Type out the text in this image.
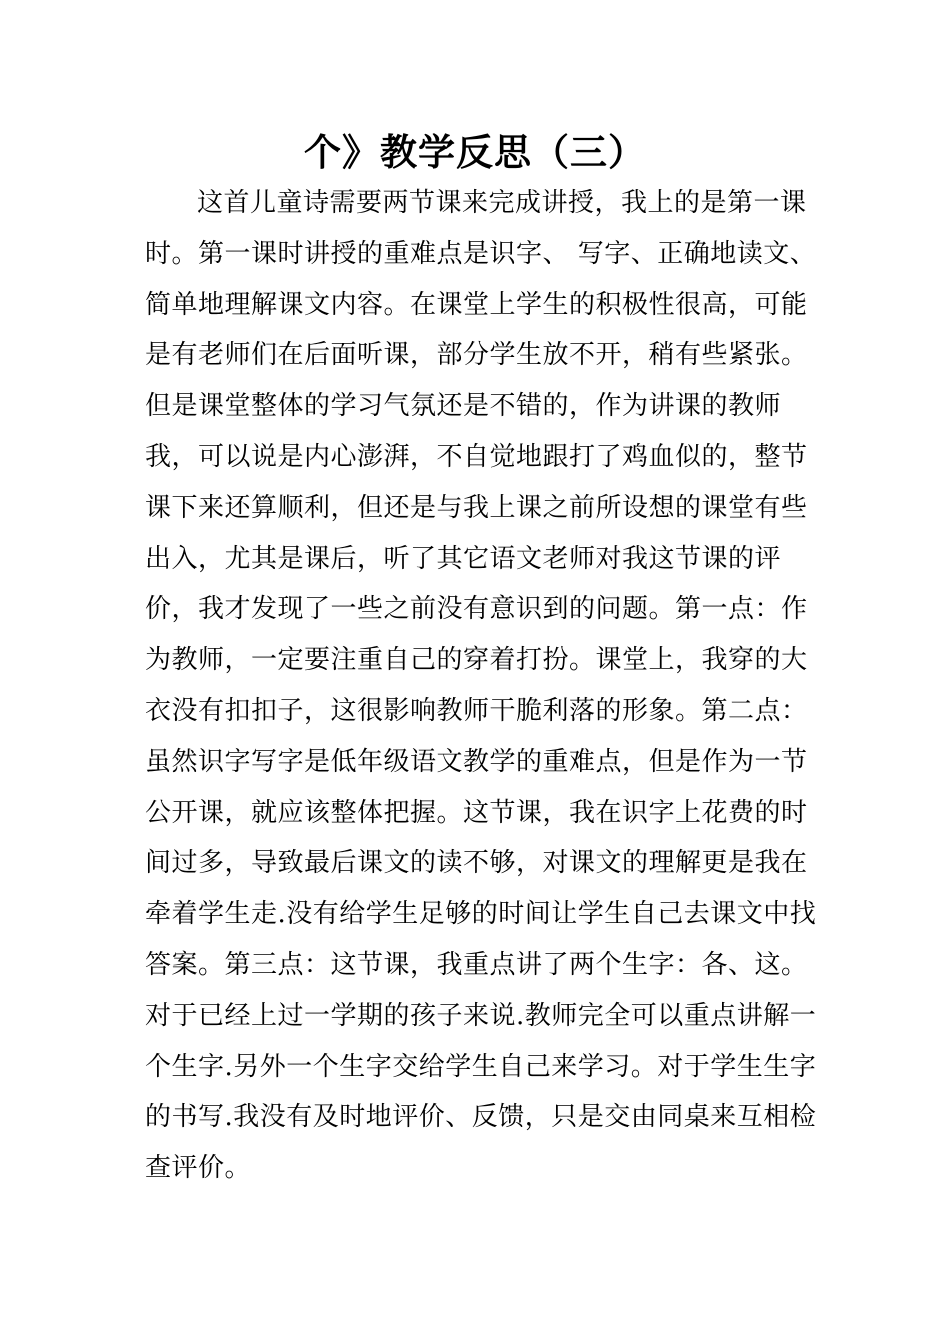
个》教学反思（三）
这首儿童诗需要两节课来完成讲授，我上的是第一课
时。第一课时讲授的重难点是识字、 写字、正确地读文、
简单地理解课文内容。在课堂上学生的积极性很高，可能
是有老师们在后面听课，部分学生放不开，稍有些紧张。
但是课堂整体的学习气氛还是不错的，作为讲课的教师
我，可以说是内心澎湃，不自觉地跟打了鸡血似的，整节
课下来还算顺利，但还是与我上课之前所设想的课堂有些
出入，尤其是课后，听了其它语文老师对我这节课的评
价，我才发现了一些之前没有意识到的问题。第一点：作
为教师，一定要注重自己的穿着打扮。课堂上，我穿的大
衣没有扣扣子，这很影响教师干脆利落的形象。第二点：
虽然识字写字是低年级语文教学的重难点，但是作为一节
公开课，就应该整体把握。这节课，我在识字上花费的时
间过多，导致最后课文的读不够，对课文的理解更是我在
牵着学生走.没有给学生足够的时间让学生自己去课文中找
答案。第三点：这节课，我重点讲了两个生字：各、这。
对于已经上过一学期的孩子来说.教师完全可以重点讲解一
个生字.另外一个生字交给学生自己来学习。对于学生生字
的书写.我没有及时地评价、反馈，只是交由同桌来互相检
查评价。
